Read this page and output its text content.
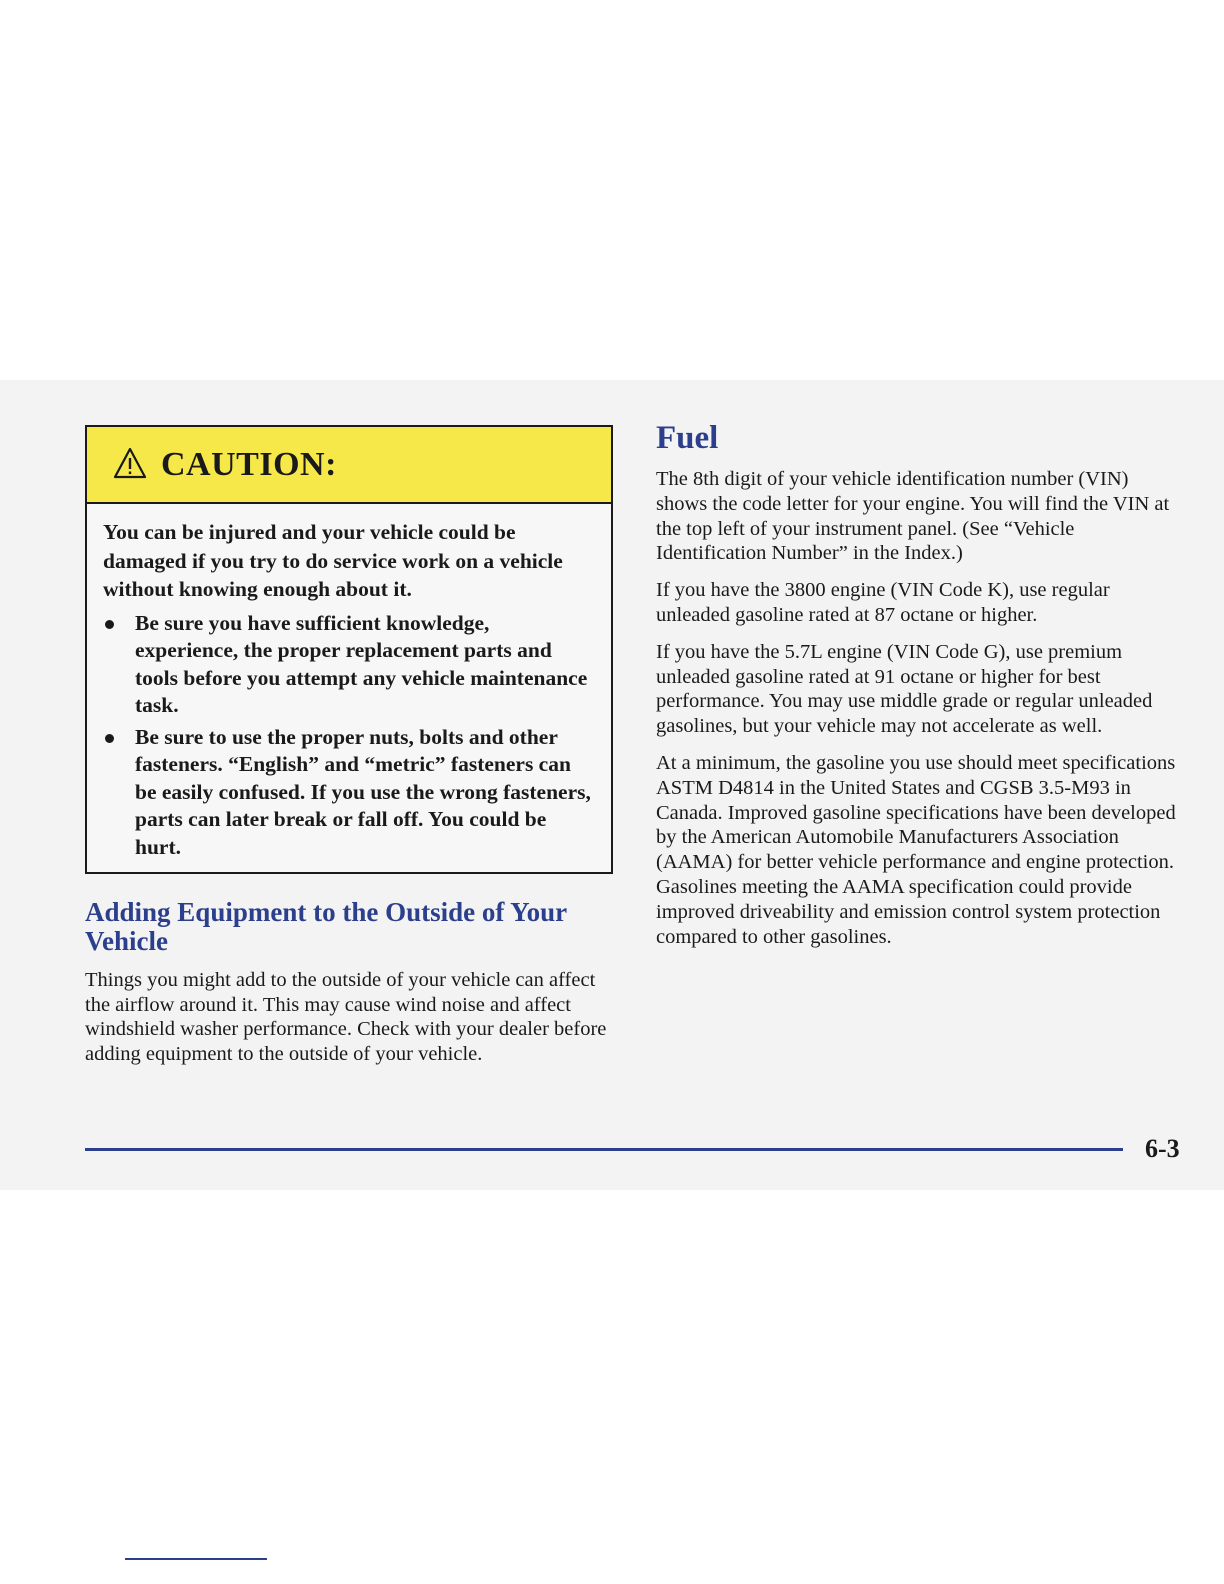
CAUTION:

You can be injured and your vehicle could be damaged if you try to do service work on a vehicle without knowing enough about it.

Be sure you have sufficient knowledge, experience, the proper replacement parts and tools before you attempt any vehicle maintenance task.
Be sure to use the proper nuts, bolts and other fasteners. “English” and “metric” fasteners can be easily confused. If you use the wrong fasteners, parts can later break or fall off. You could be hurt.
Adding Equipment to the Outside of Your Vehicle

Things you might add to the outside of your vehicle can affect the airflow around it. This may cause wind noise and affect windshield washer performance. Check with your dealer before adding equipment to the outside of your vehicle.

Fuel

The 8th digit of your vehicle identification number (VIN) shows the code letter for your engine. You will find the VIN at the top left of your instrument panel. (See “Vehicle Identification Number” in the Index.)

If you have the 3800 engine (VIN Code K), use regular unleaded gasoline rated at 87 octane or higher.

If you have the 5.7L engine (VIN Code G), use premium unleaded gasoline rated at 91 octane or higher for best performance. You may use middle grade or regular unleaded gasolines, but your vehicle may not accelerate as well.

At a minimum, the gasoline you use should meet specifications ASTM D4814 in the United States and CGSB 3.5-M93 in Canada. Improved gasoline specifications have been developed by the American Automobile Manufacturers Association (AAMA) for better vehicle performance and engine protection. Gasolines meeting the AAMA specification could provide improved driveability and emission control system protection compared to other gasolines.

6-3
